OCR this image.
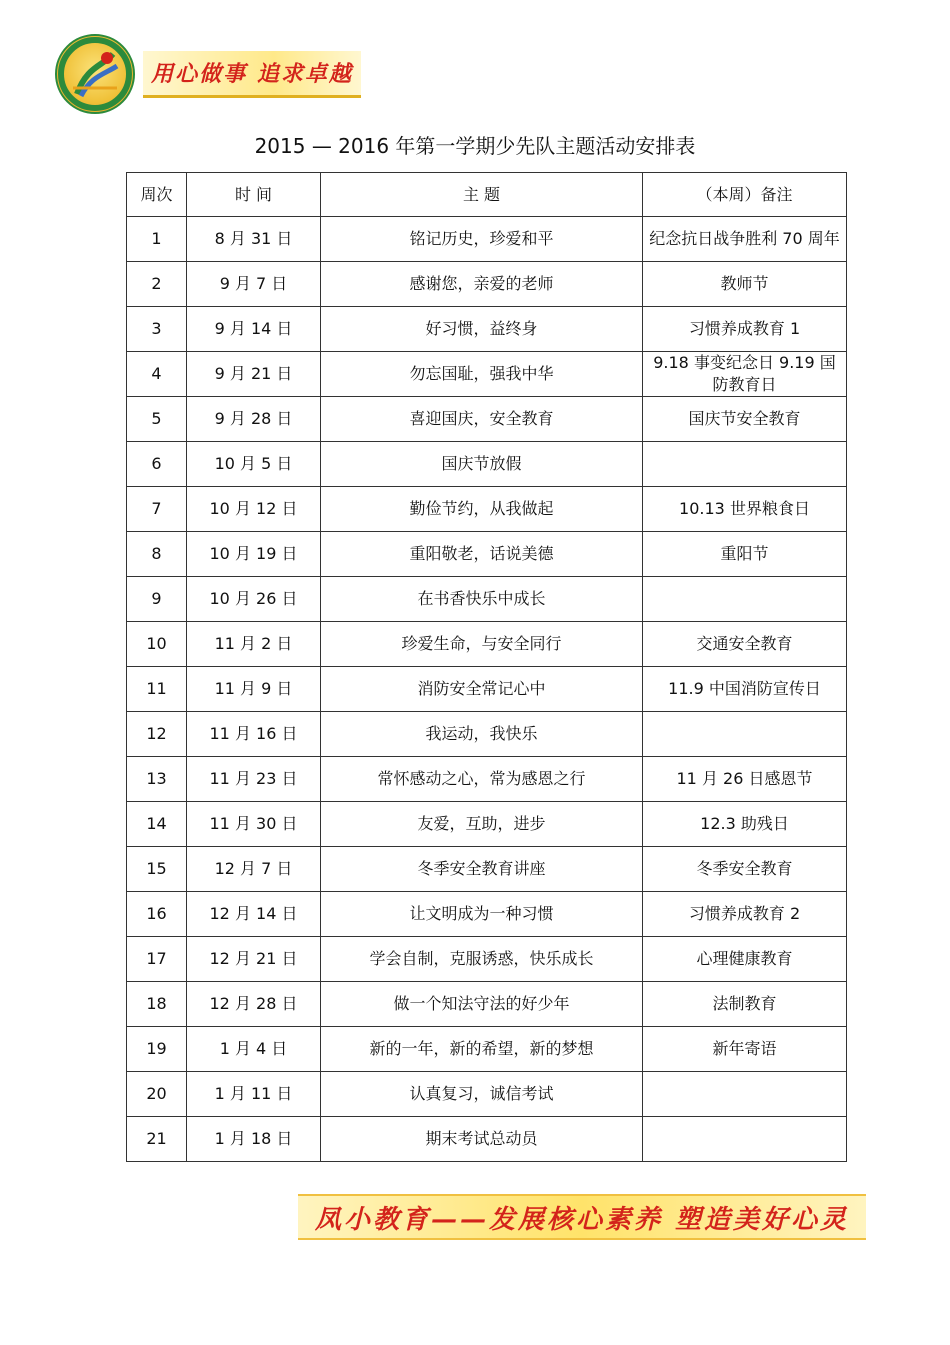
用心做事 追求卓越
2015 — 2016 年第一学期少先队主题活动安排表
周次	时 间	主 题	（本周）备注
1	8 月 31 日	铭记历史，珍爱和平	纪念抗日战争胜利 70 周年
2	9 月 7 日	感谢您，亲爱的老师	教师节
3	9 月 14 日	好习惯，益终身	习惯养成教育 1
4	9 月 21 日	勿忘国耻，强我中华	9.18 事变纪念日 9.19 国防教育日
5	9 月 28 日	喜迎国庆，安全教育	国庆节安全教育
6	10 月 5 日	国庆节放假	
7	10 月 12 日	勤俭节约，从我做起	10.13 世界粮食日
8	10 月 19 日	重阳敬老，话说美德	重阳节
9	10 月 26 日	在书香快乐中成长	
10	11 月 2 日	珍爱生命，与安全同行	交通安全教育
11	11 月 9 日	消防安全常记心中	11.9 中国消防宣传日
12	11 月 16 日	我运动，我快乐	
13	11 月 23 日	常怀感动之心，常为感恩之行	11 月 26 日感恩节
14	11 月 30 日	友爱，互助，进步	12.3 助残日
15	12 月 7 日	冬季安全教育讲座	冬季安全教育
16	12 月 14 日	让文明成为一种习惯	习惯养成教育 2
17	12 月 21 日	学会自制，克服诱惑，快乐成长	心理健康教育
18	12 月 28 日	做一个知法守法的好少年	法制教育
19	1 月 4 日	新的一年，新的希望，新的梦想	新年寄语
20	1 月 11 日	认真复习，诚信考试	
21	1 月 18 日	期末考试总动员	
凤小教育——发展核心素养 塑造美好心灵
